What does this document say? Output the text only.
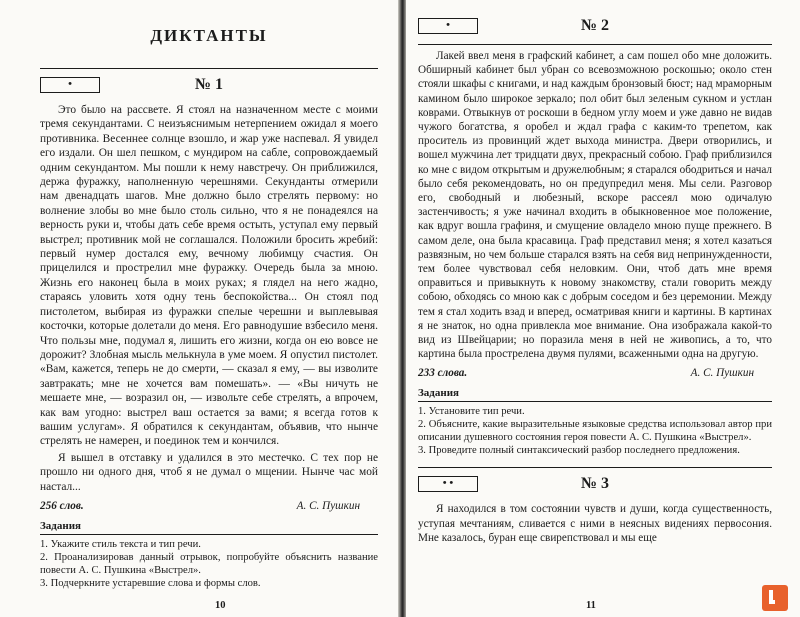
ДИКТАНТЫ
•	№ 1

Это было на рассвете. Я стоял на назначенном месте с моими тремя секундантами. С неизъяснимым нетерпением ожидал я моего противника. Весеннее солнце взошло, и жар уже наспевал. Я увидел его издали. Он шел пешком, с мундиром на сабле, сопровождаемый одним секундантом. Мы пошли к нему навстречу. Он приближился, держа фуражку, наполненную черешнями. Секунданты отмерили нам двенадцать шагов. Мне должно было стрелять первому: но волнение злобы во мне было столь сильно, что я не понадеялся на верность руки и, чтобы дать себе время остыть, уступал ему первый выстрел; противник мой не соглашался. Положили бросить жребий: первый нумер достался ему, вечному любимцу счастия. Он прицелился и прострелил мне фуражку. Очередь была за мною. Жизнь его наконец была в моих руках; я глядел на него жадно, стараясь уловить хотя одну тень беспокойства... Он стоял под пистолетом, выбирая из фуражки спелые черешни и выплевывая косточки, которые долетали до меня. Его равнодушие взбесило меня. Что пользы мне, подумал я, лишить его жизни, когда он ею вовсе не дорожит? Злобная мысль мелькнула в уме моем. Я опустил пистолет. «Вам, кажется, теперь не до смерти, — сказал я ему, — вы изволите завтракать; мне не хочется вам помешать». — «Вы ничуть не мешаете мне, — возразил он, — извольте себе стрелять, а впрочем, как вам угодно: выстрел ваш остается за вами; я всегда готов к вашим услугам». Я обратился к секундантам, объявив, что нынче стрелять не намерен, и поединок тем и кончился.

Я вышел в отставку и удалился в это местечко. С тех пор не прошло ни одного дня, чтоб я не думал о мщении. Нынче час мой настал...

256 слов.	А. С. Пушкин
Задания
1. Укажите стиль текста и тип речи.
2. Проанализировав данный отрывок, попробуйте объяснить название повести А. С. Пушкина «Выстрел».
3. Подчеркните устаревшие слова и формы слов.
10
•	№ 2

Лакей ввел меня в графский кабинет, а сам пошел обо мне доложить. Обширный кабинет был убран со всевозможною роскошью; около стен стояли шкафы с книгами, и над каждым бронзовый бюст; над мраморным камином было широкое зеркало; пол обит был зеленым сукном и устлан коврами. Отвыкнув от роскоши в бедном углу моем и уже давно не видав чужого богатства, я оробел и ждал графа с каким-то трепетом, как проситель из провинций ждет выхода министра. Двери отворились, и вошел мужчина лет тридцати двух, прекрасный собою. Граф приблизился ко мне с видом открытым и дружелюбным; я старался ободриться и начал было себя рекомендовать, но он предупредил меня. Мы сели. Разговор его, свободный и любезный, вскоре рассеял мою одичалую застенчивость; я уже начинал входить в обыкновенное мое положение, как вдруг вошла графиня, и смущение овладело мною пуще прежнего. В самом деле, она была красавица. Граф представил меня; я хотел казаться развязным, но чем больше старался взять на себя вид непринужденности, тем более чувствовал себя неловким. Они, чтоб дать мне время оправиться и привыкнуть к новому знакомству, стали говорить между собою, обходясь со мною как с добрым соседом и без церемонии. Между тем я стал ходить взад и вперед, осматривая книги и картины. В картинах я не знаток, но одна привлекла мое внимание. Она изображала какой-то вид из Швейцарии; но поразила меня в ней не живопись, а то, что картина была прострелена двумя пулями, всаженными одна на другую.

233 слова.	А. С. Пушкин
Задания
1. Установите тип речи.
2. Объясните, какие выразительные языковые средства использовал автор при описании душевного состояния героя повести А. С. Пушкина «Выстрел».
3. Проведите полный синтаксический разбор последнего предложения.
• •	№ 3

Я находился в том состоянии чувств и души, когда существенность, уступая мечтаниям, сливается с ними в неясных видениях первосония. Мне казалось, буран еще свирепствовал и мы еще

11
